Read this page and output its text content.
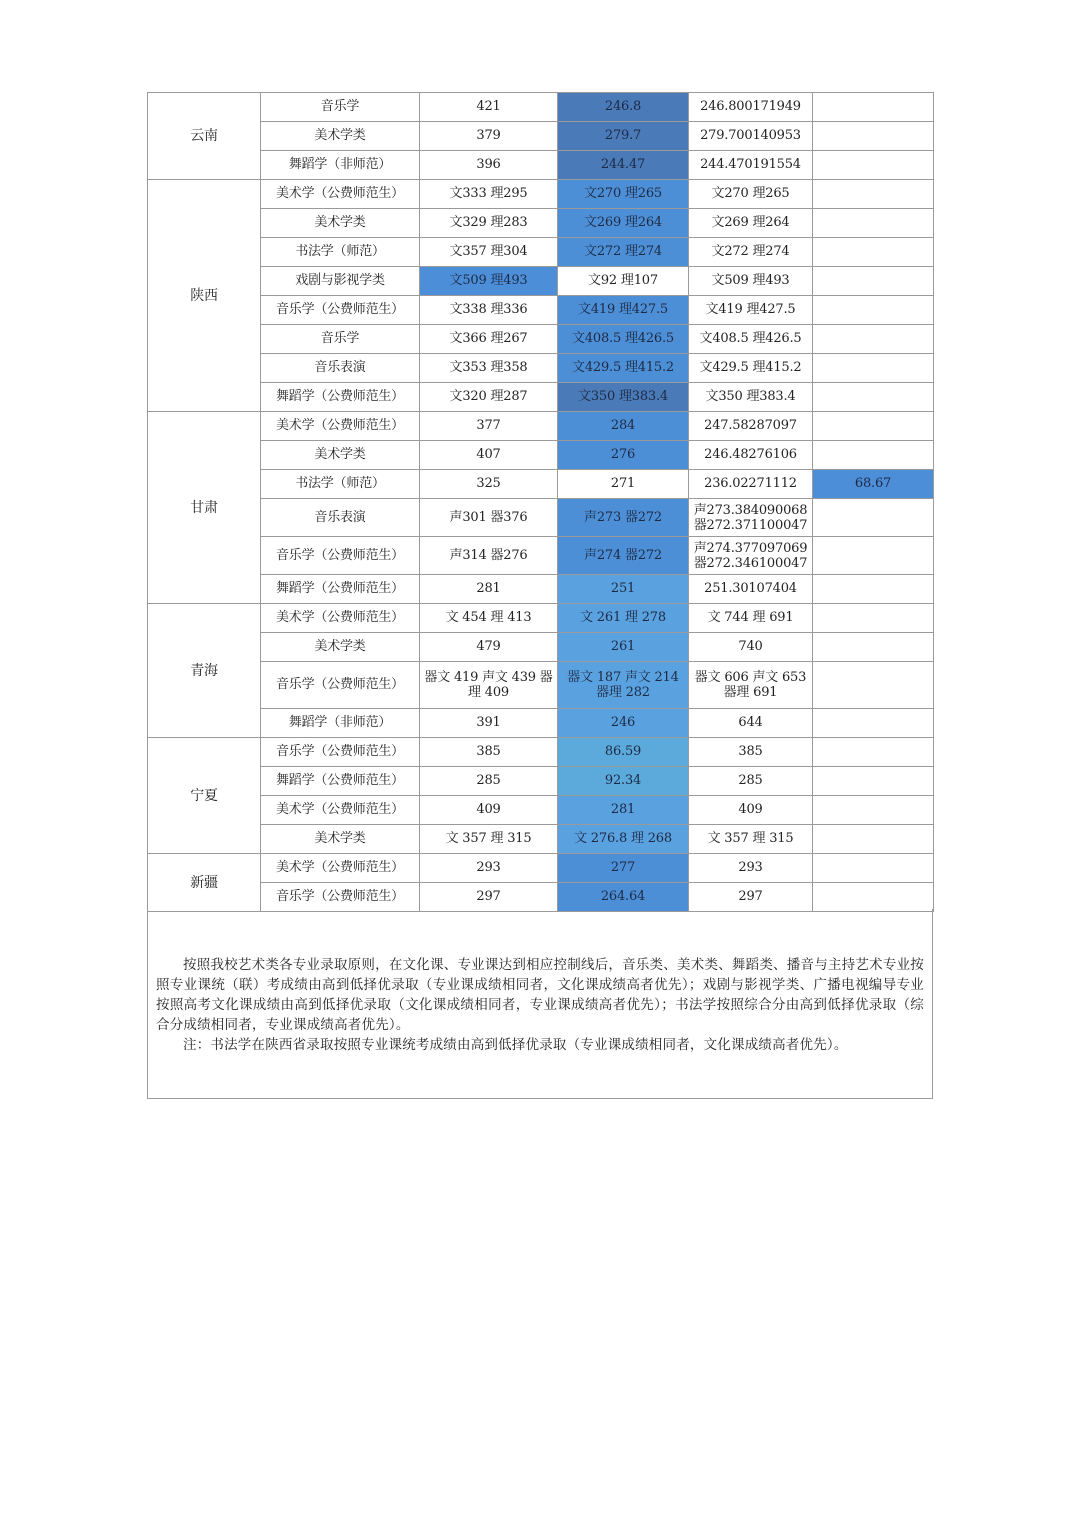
云南	音乐学	421	246.8	246.800171949	
	美术学类	379	279.7	279.700140953	
	舞蹈学（非师范）	396	244.47	244.470191554	
陕西	美术学（公费师范生）	文333 理295	文270 理265	文270 理265	
	美术学类	文329 理283	文269 理264	文269 理264	
	书法学（师范）	文357 理304	文272 理274	文272 理274	
	戏剧与影视学类	文509 理493	文92 理107	文509 理493	
	音乐学（公费师范生）	文338 理336	文419 理427.5	文419 理427.5	
	音乐学	文366 理267	文408.5 理426.5	文408.5 理426.5	
	音乐表演	文353 理358	文429.5 理415.2	文429.5 理415.2	
	舞蹈学（公费师范生）	文320 理287	文350 理383.4	文350 理383.4	
甘肃	美术学（公费师范生）	377	284	247.58287097	
	美术学类	407	276	246.48276106	
	书法学（师范）	325	271	236.02271112	68.67
	音乐表演	声301 器376	声273 器272	声273.384090068 器272.371100047	
	音乐学（公费师范生）	声314 器276	声274 器272	声274.377097069 器272.346100047	
	舞蹈学（公费师范生）	281	251	251.30107404	
青海	美术学（公费师范生）	文 454 理 413	文 261 理 278	文 744 理 691	
	美术学类	479	261	740	
	音乐学（公费师范生）	器文 419 声文 439 器理 409	器文 187 声文 214 器理 282	器文 606 声文 653 器理 691	
	舞蹈学（非师范）	391	246	644	
宁夏	音乐学（公费师范生）	385	86.59	385	
	舞蹈学（公费师范生）	285	92.34	285	
	美术学（公费师范生）	409	281	409	
	美术学类	文 357 理 315	文 276.8 理 268	文 357 理 315	
新疆	美术学（公费师范生）	293	277	293	
	音乐学（公费师范生）	297	264.64	297	

按照我校艺术类各专业录取原则，在文化课、专业课达到相应控制线后，音乐类、美术类、舞蹈类、播音与主持艺术专业按照专业课统（联）考成绩由高到低择优录取（专业课成绩相同者，文化课成绩高者优先）；戏剧与影视学类、广播电视编导专业按照高考文化课成绩由高到低择优录取（文化课成绩相同者，专业课成绩高者优先）；书法学按照综合分由高到低择优录取（综合分成绩相同者，专业课成绩高者优先）。

注：书法学在陕西省录取按照专业课统考成绩由高到低择优录取（专业课成绩相同者，文化课成绩高者优先）。
